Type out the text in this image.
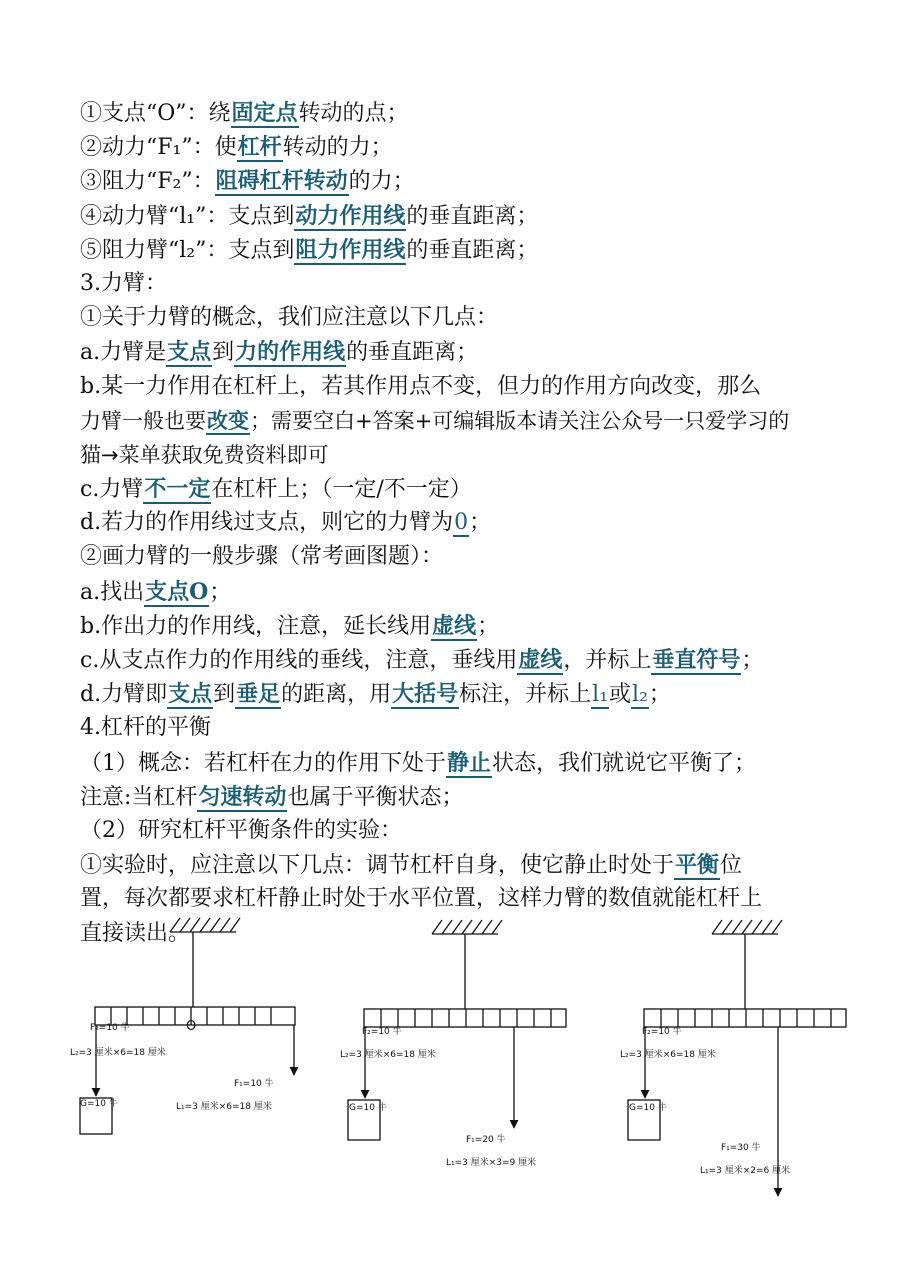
①支点“O”：绕固定点转动的点；
②动力“F₁”：使杠杆转动的力；
③阻力“F₂”：阻碍杠杆转动的力；
④动力臂“l₁”：支点到动力作用线的垂直距离；
⑤阻力臂“l₂”：支点到阻力作用线的垂直距离；
3.力臂：
①关于力臂的概念，我们应注意以下几点：
a.力臂是支点到力的作用线的垂直距离；
b.某一力作用在杠杆上，若其作用点不变，但力的作用方向改变，那么
力臂一般也要改变；需要空白+答案+可编辑版本请关注公众号一只爱学习的
猫→菜单获取免费资料即可
c.力臂不一定在杠杆上；（一定/不一定）
d.若力的作用线过支点，则它的力臂为0；
②画力臂的一般步骤（常考画图题）：
a.找出支点O；
b.作出力的作用线，注意，延长线用虚线；
c.从支点作力的作用线的垂线，注意，垂线用虚线，并标上垂直符号；
d.力臂即支点到垂足的距离，用大括号标注，并标上l₁或l₂；
4.杠杆的平衡
（1）概念：若杠杆在力的作用下处于静止状态，我们就说它平衡了；
注意:当杠杆匀速转动也属于平衡状态；
（2）研究杠杆平衡条件的实验：
①实验时，应注意以下几点：调节杠杆自身，使它静止时处于平衡位
置，每次都要求杠杆静止时处于水平位置，这样力臂的数值就能杠杆上
直接读出。
O
F₂=10 牛
L₂=3 厘米×6=18 厘米
G=10 牛
F₁=10 牛
L₁=3 厘米×6=18 厘米
F₂=10 牛
L₂=3 厘米×6=18 厘米
G=10 牛
F₁=20 牛
L₁=3 厘米×3=9 厘米
F₂=10 牛
L₂=3 厘米×6=18 厘米
G=10 牛
F₁=30 牛
L₁=3 厘米×2=6 厘米
